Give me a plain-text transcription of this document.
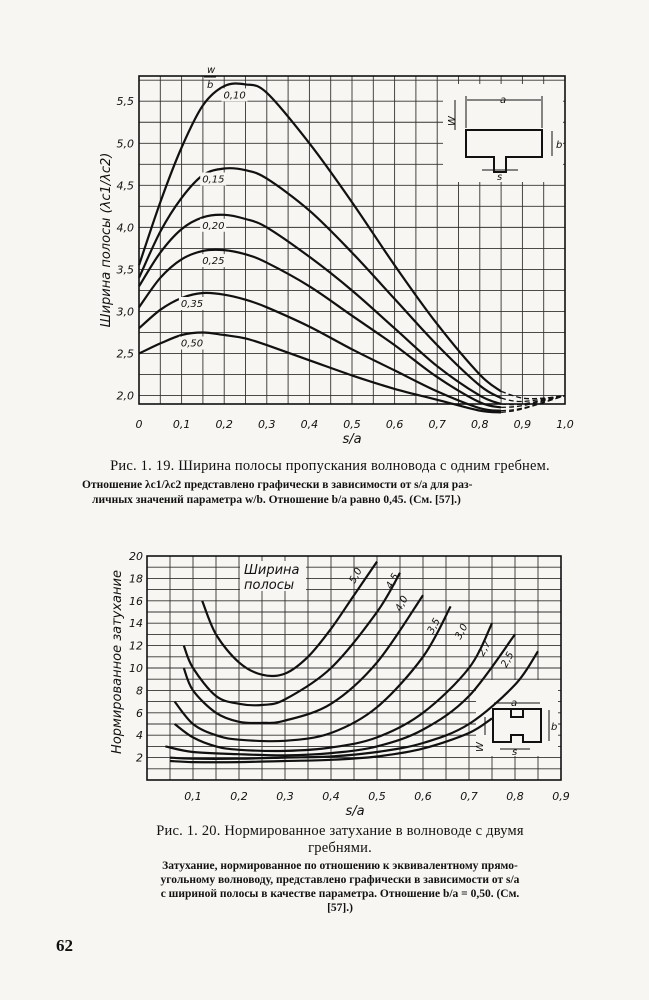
a
b
W
s
0,10
0,15
0,20
0,25
0,35
0,50
w
b
0	0,1 0,2 0,3 0,4 0,5 0,6 0,7 0,8 0,9 1,0
2,0
2,5
3,0
3,5
4,0
4,5
5,0
5,5
s/a
Ширина полосы (λc1/λc2)
Ширина
полосы
a
b
W	s
5,0 4,5
4,0
3,5 3,0
2,7
2,5
0,1	0,2	0,3	0,4	0,5	0,6	0,7	0,8	0,9
2
4
6
8
10
12
14
16
18
20
s/a
Нормированное затухание
Рис. 1. 19. Ширина полосы пропускания волновода с одним гребнем.
Отношение λc1/λc2 представлено графически в зависимости от s/a для раз-
личных значений параметра w/b. Отношение b/a равно 0,45. (См. [57].)
Рис. 1. 20. Нормированное затухание в волноводе с двумя
гребнями.
Затухание, нормированное по отношению к эквивалентному прямо-
угольному волноводу, представлено графически в зависимости от s/a
с шириной полосы в качестве параметра. Отношение b/a = 0,50. (См.
[57].)
62
